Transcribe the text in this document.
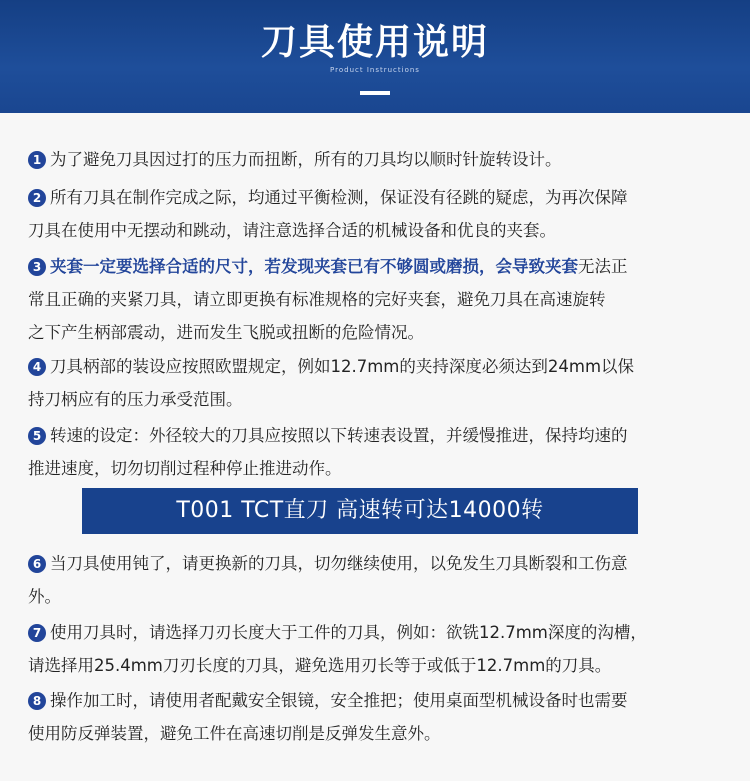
刀具使用说明
Product Instructions
1 为了避免刀具因过打的压力而扭断，所有的刀具均以顺时针旋转设计。
2 所有刀具在制作完成之际，均通过平衡检测，保证没有径跳的疑虑，为再次保障
刀具在使用中无摆动和跳动，请注意选择合适的机械设备和优良的夹套。
3 夹套一定要选择合适的尺寸，若发现夹套已有不够圆或磨损，会导致夹套无法正
常且正确的夹紧刀具，请立即更换有标准规格的完好夹套，避免刀具在高速旋转
之下产生柄部震动，进而发生飞脱或扭断的危险情况。
4 刀具柄部的装设应按照欧盟规定，例如12.7mm的夹持深度必须达到24mm以保
持刀柄应有的压力承受范围。
5 转速的设定：外径较大的刀具应按照以下转速表设置，并缓慢推进，保持均速的
推进速度，切勿切削过程种停止推进动作。
T001 TCT直刀 高速转可达14000转
6 当刀具使用钝了，请更换新的刀具，切勿继续使用，以免发生刀具断裂和工伤意
外。
7 使用刀具时，请选择刀刃长度大于工件的刀具，例如：欲铣12.7mm深度的沟槽，
请选择用25.4mm刀刃长度的刀具，避免选用刃长等于或低于12.7mm的刀具。
8 操作加工时，请使用者配戴安全银镜，安全推把；使用桌面型机械设备时也需要
使用防反弹装置，避免工件在高速切削是反弹发生意外。
